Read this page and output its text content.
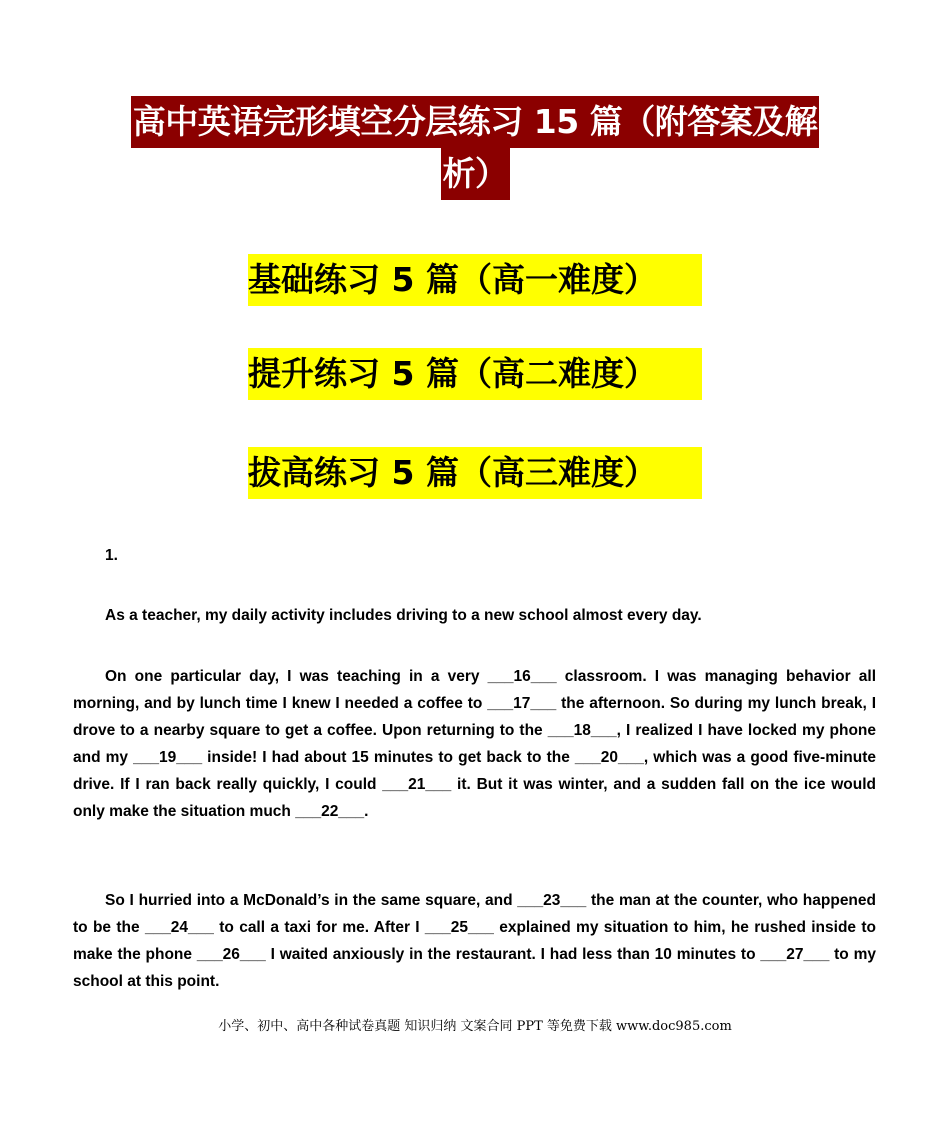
高中英语完形填空分层练习 15 篇（附答案及解
析）
基础练习 5 篇（高一难度）
提升练习 5 篇（高二难度）
拔高练习 5 篇（高三难度）
1.
As a teacher, my daily activity includes driving to a new school almost every day.

On one particular day, I was teaching in a very ___16___ classroom. I was managing behavior all morning, and by lunch time I knew I needed a coffee to ___17___ the afternoon. So during my lunch break, I drove to a nearby square to get a coffee. Upon returning to the ___18___, I realized I have locked my phone and my ___19___ inside! I had about 15 minutes to get back to the ___20___, which was a good five-minute drive. If I ran back really quickly, I could ___21___ it. But it was winter, and a sudden fall on the ice would only make the situation much ___22___.

So I hurried into a McDonald’s in the same square, and ___23___ the man at the counter, who happened to be the ___24___ to call a taxi for me. After I ___25___ explained my situation to him, he rushed inside to make the phone ___26___ I waited anxiously in the restaurant. I had less than 10 minutes to ___27___ to my school at this point.

小学、初中、高中各种试卷真题 知识归纳 文案合同 PPT 等免费下载 www.doc985.com
